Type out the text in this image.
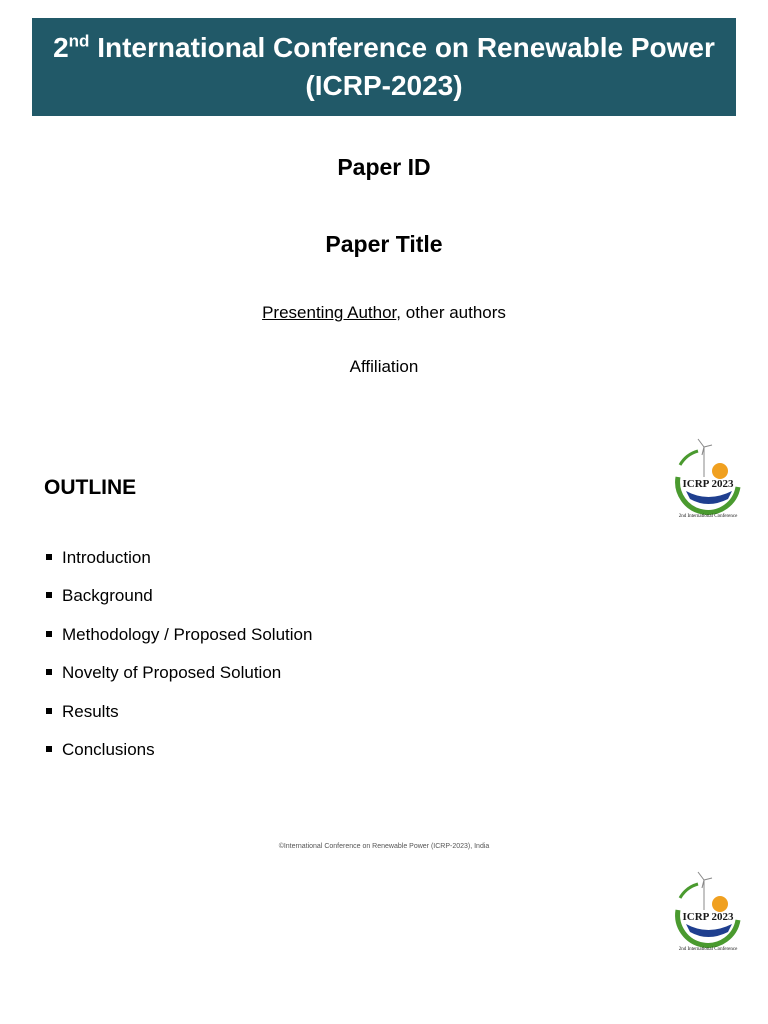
2nd International Conference on Renewable Power
(ICRP-2023)
Paper ID
Paper Title
Presenting Author, other authors
Affiliation
ICRP 2023
2nd International Conference
OUTLINE
Introduction
Background
Methodology / Proposed Solution
Novelty of Proposed Solution
Results
Conclusions
©International Conference on Renewable Power (ICRP-2023), India
ICRP 2023
2nd International Conference
